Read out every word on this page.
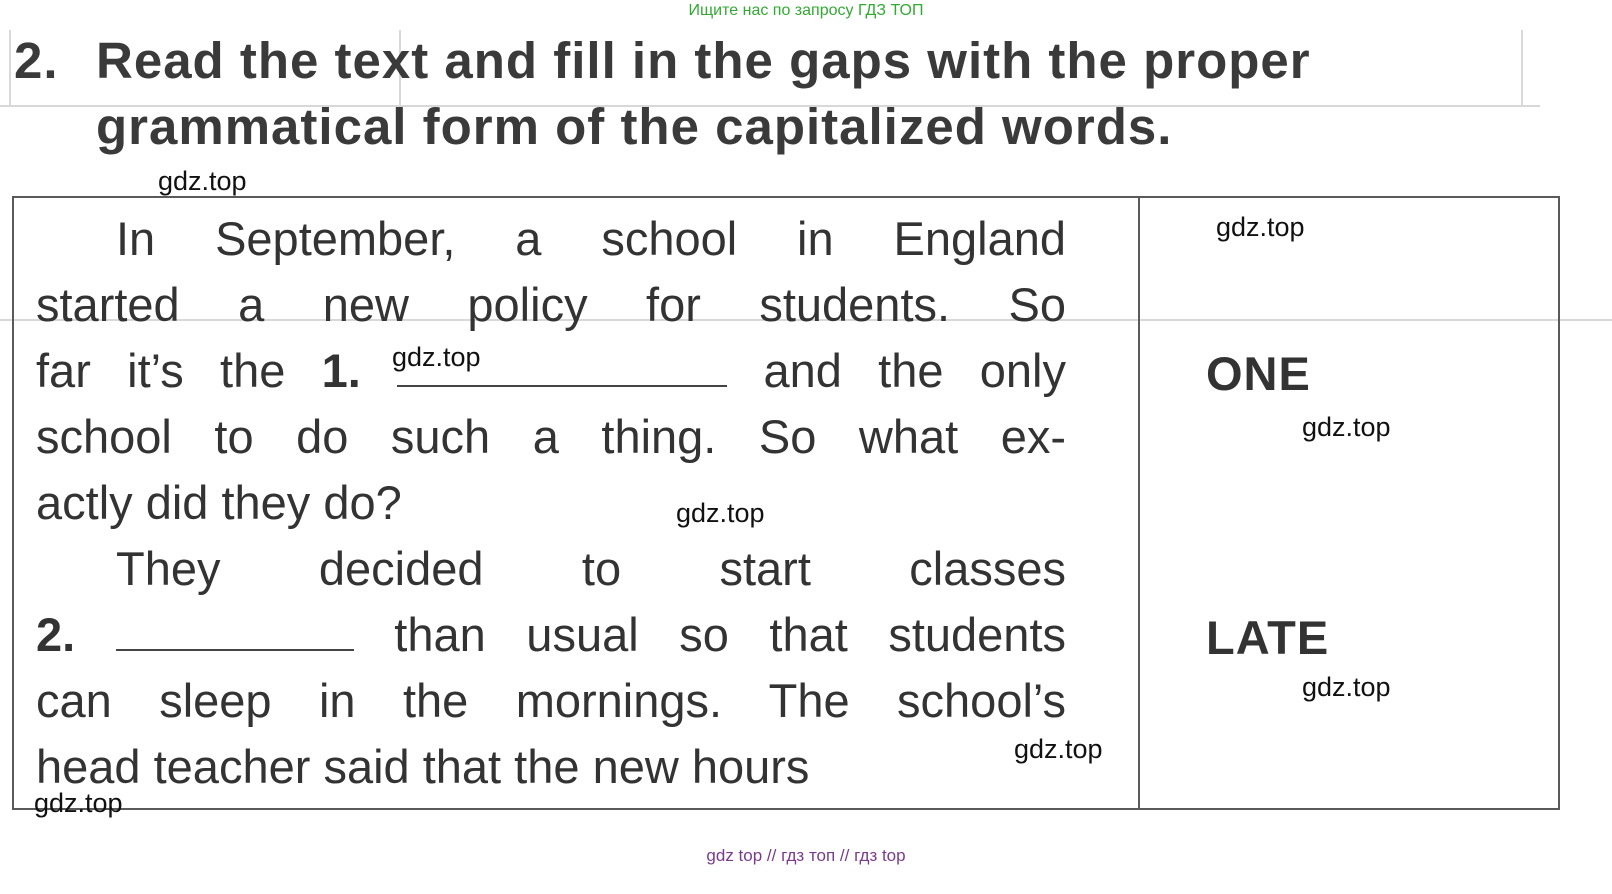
Ищите нас по запросу ГДЗ ТОП
2. Read the text and fill in the gaps with the proper
grammatical form of the capitalized words.
In September, a school in England
started a new policy for students. So
far it’s the 1.	and the only
school to do such a thing. So what ex-
actly did they do?
They decided to start classes
2.	than usual so that students
can sleep in the mornings. The school’s
head teacher said that the new hours
ONE
LATE
gdz.top
gdz.top
gdz.top
gdz.top
gdz.top
gdz.top
gdz.top
gdz.top
gdz top // гдз топ // гдз top
